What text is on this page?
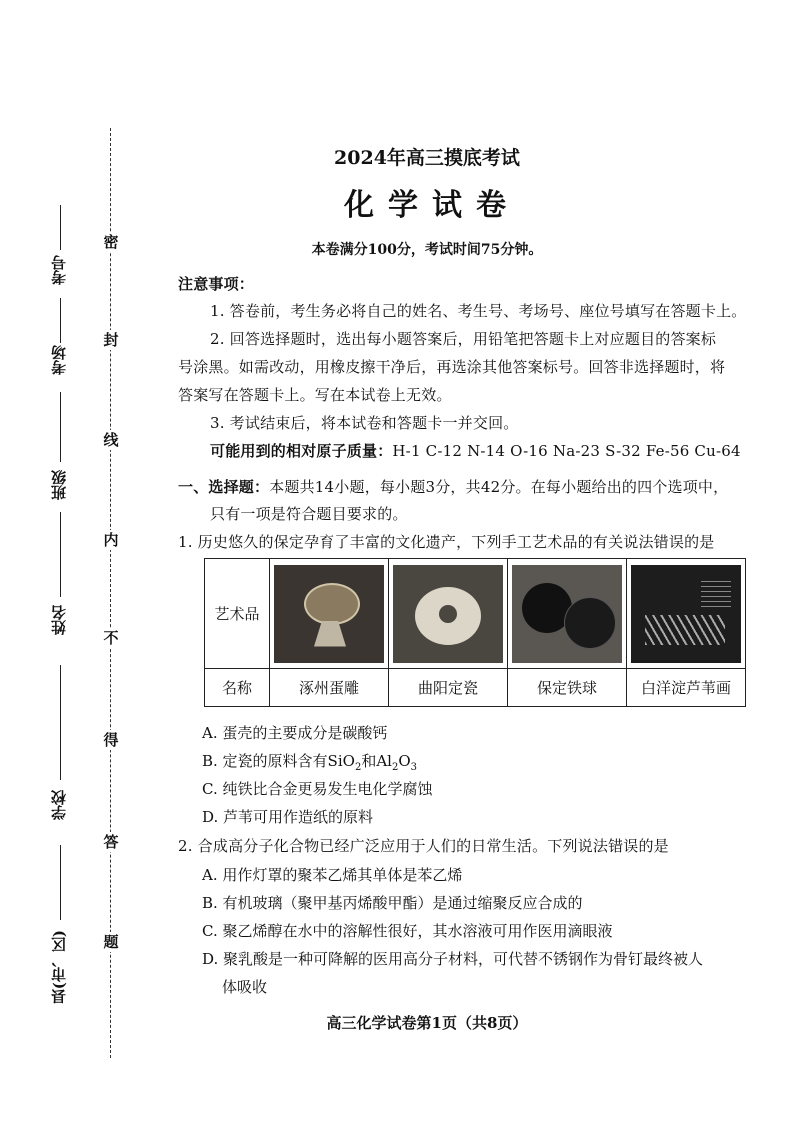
考号
考场
班级
姓名
学校
县(市、区)
密
封
线
内
不
得
答
题
2024年高三摸底考试
化学试卷
本卷满分100分，考试时间75分钟。
注意事项：
1. 答卷前，考生务必将自己的姓名、考生号、考场号、座位号填写在答题卡上。
2. 回答选择题时，选出每小题答案后，用铅笔把答题卡上对应题目的答案标
号涂黑。如需改动，用橡皮擦干净后，再选涂其他答案标号。回答非选择题时，将
答案写在答题卡上。写在本试卷上无效。
3. 考试结束后，将本试卷和答题卡一并交回。
可能用到的相对原子质量：H-1 C-12 N-14 O-16 Na-23 S-32 Fe-56 Cu-64
一、选择题：本题共14小题，每小题3分，共42分。在每小题给出的四个选项中，
只有一项是符合题目要求的。
1. 历史悠久的保定孕育了丰富的文化遗产，下列手工艺术品的有关说法错误的是
艺术品	

名称	涿州蛋雕	曲阳定瓷	保定铁球	白洋淀芦苇画
A. 蛋壳的主要成分是碳酸钙
B. 定瓷的原料含有SiO$_2$和$Al_2O_3$
C. 纯铁比合金更易发生电化学腐蚀
D. 芦苇可用作造纸的原料
2. 合成高分子化合物已经广泛应用于人们的日常生活。下列说法错误的是
A. 用作灯罩的聚苯乙烯其单体是苯乙烯
B. 有机玻璃（聚甲基丙烯酸甲酯）是通过缩聚反应合成的
C. 聚乙烯醇在水中的溶解性很好，其水溶液可用作医用滴眼液
D. 聚乳酸是一种可降解的医用高分子材料，可代替不锈钢作为骨钉最终被人
体吸收
高三化学试卷第1页（共8页）
